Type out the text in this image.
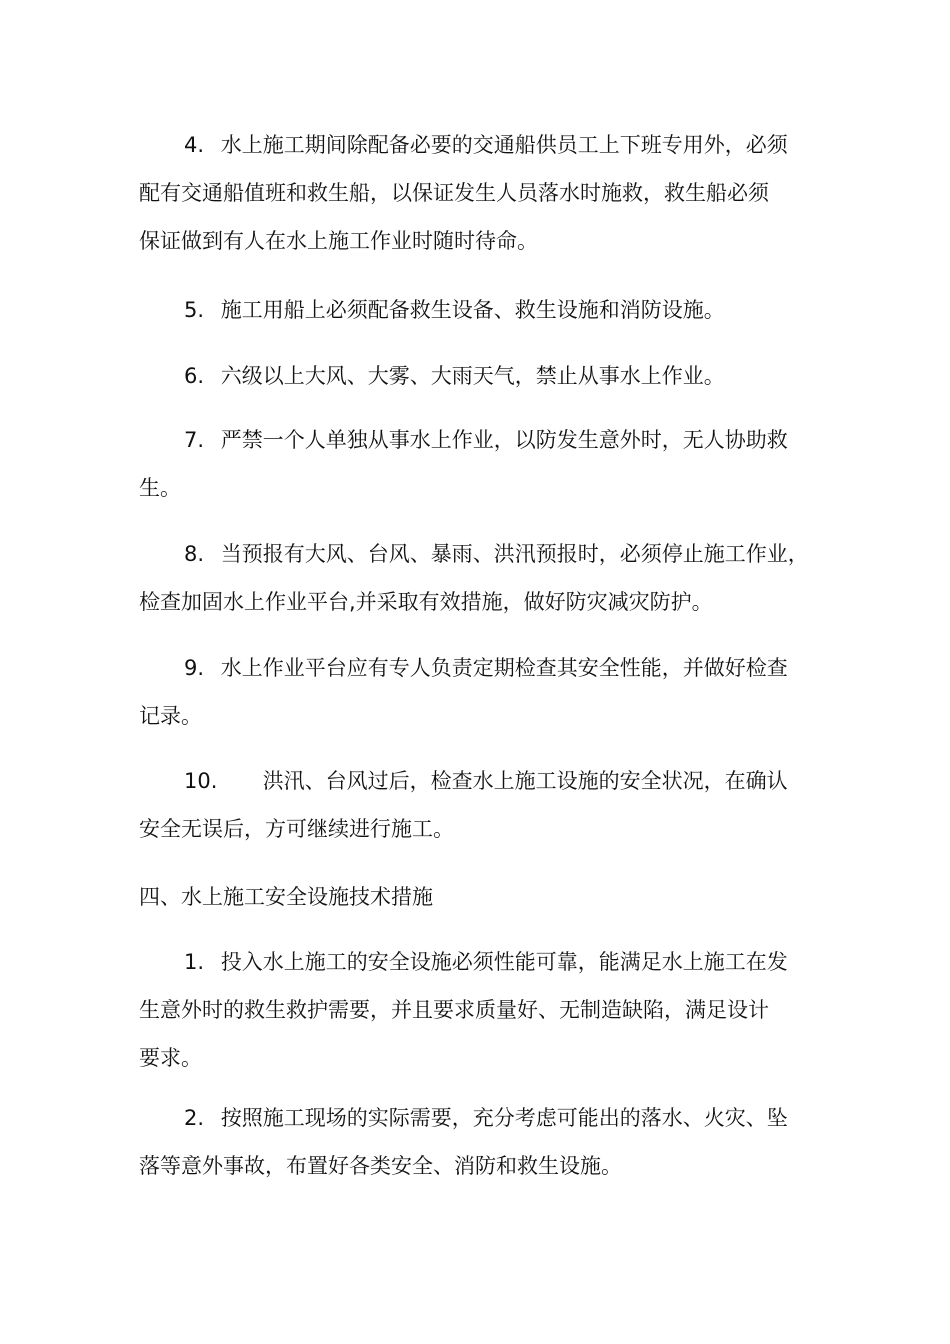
4. 水上施工期间除配备必要的交通船供员工上下班专用外，必须
配有交通船值班和救生船，以保证发生人员落水时施救，救生船必须
保证做到有人在水上施工作业时随时待命。

5. 施工用船上必须配备救生设备、救生设施和消防设施。

6. 六级以上大风、大雾、大雨天气，禁止从事水上作业。

7. 严禁一个人单独从事水上作业，以防发生意外时，无人协助救
生。

8. 当预报有大风、台风、暴雨、洪汛预报时，必须停止施工作业，
检查加固水上作业平台,并采取有效措施，做好防灾减灾防护。

9. 水上作业平台应有专人负责定期检查其安全性能，并做好检查
记录。

10. 洪汛、台风过后，检查水上施工设施的安全状况，在确认
安全无误后，方可继续进行施工。

四、水上施工安全设施技术措施

1. 投入水上施工的安全设施必须性能可靠，能满足水上施工在发
生意外时的救生救护需要，并且要求质量好、无制造缺陷，满足设计
要求。

2. 按照施工现场的实际需要，充分考虑可能出的落水、火灾、坠
落等意外事故，布置好各类安全、消防和救生设施。
